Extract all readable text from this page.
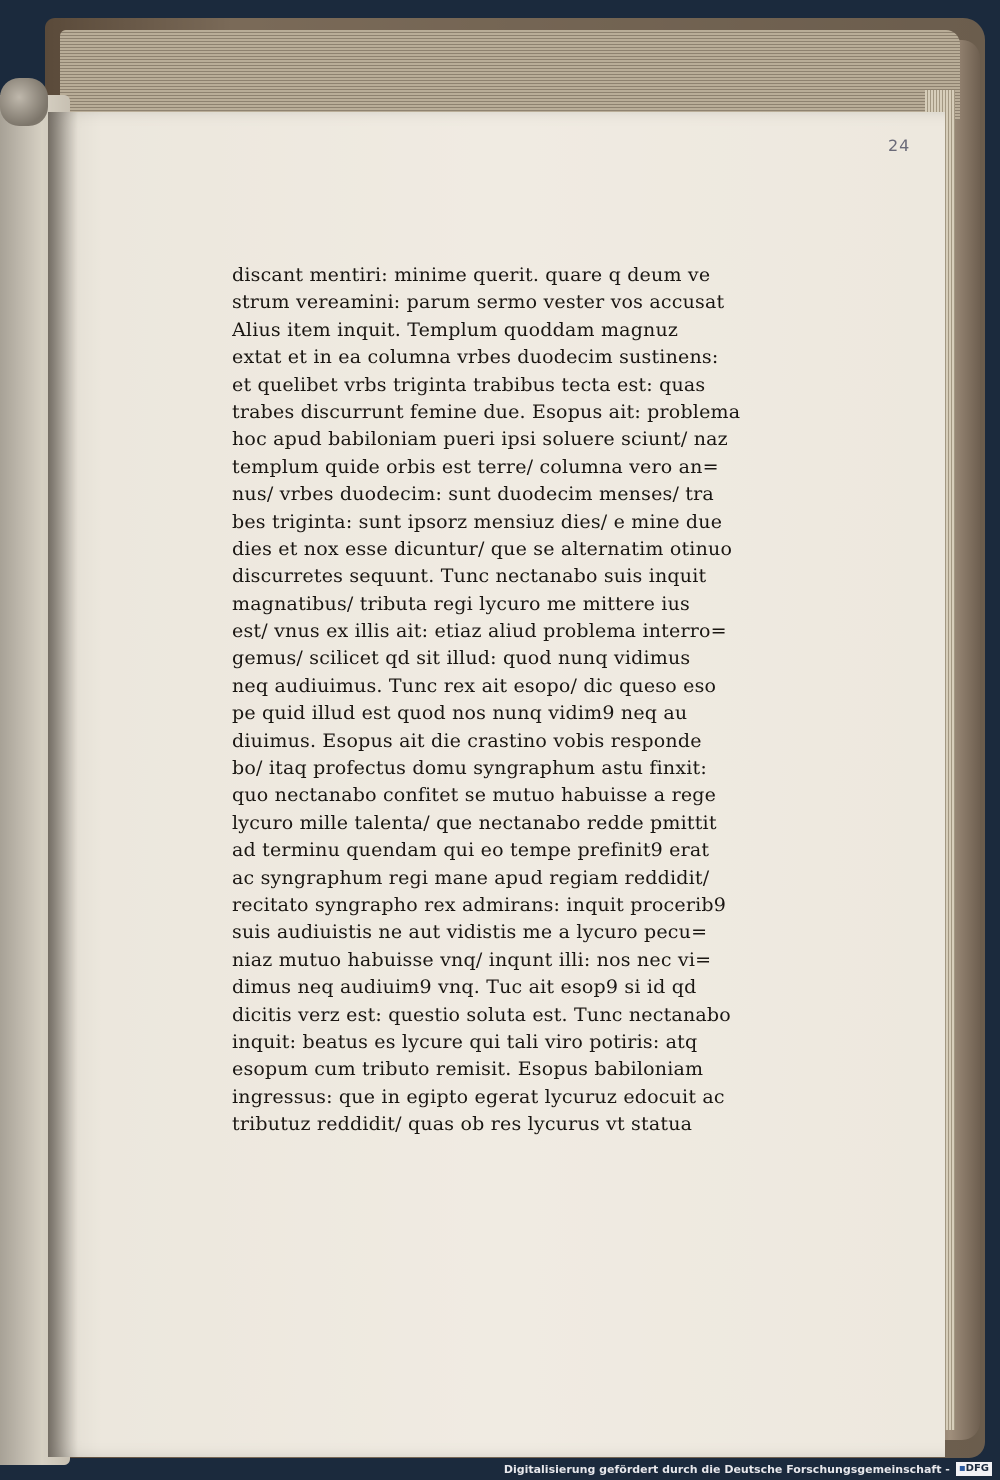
24
discant mentiri: minime querit. quare q deum ve
strum vereamini: parum sermo vester vos accusat
Alius item inquit. Templum quoddam magnuz
extat et in ea columna vrbes duodecim sustinens:
et quelibet vrbs triginta trabibus tecta est: quas
trabes discurrunt femine due. Esopus ait: problema
hoc apud babiloniam pueri ipsi soluere sciunt/ naz
templum quide orbis est terre/ columna vero an=
nus/ vrbes duodecim: sunt duodecim menses/ tra
bes triginta: sunt ipsorz mensiuz dies/ e mine due
dies et nox esse dicuntur/ que se alternatim otinuo
discurretes sequunt. Tunc nectanabo suis inquit
magnatibus/ tributa regi lycuro me mittere ius
est/ vnus ex illis ait: etiaz aliud problema interro=
gemus/ scilicet qd sit illud: quod nunq vidimus
neq audiuimus. Tunc rex ait esopo/ dic queso eso
pe quid illud est quod nos nunq vidim9 neq au
diuimus. Esopus ait die crastino vobis responde
bo/ itaq profectus domu syngraphum astu finxit:
quo nectanabo confitet se mutuo habuisse a rege
lycuro mille talenta/ que nectanabo redde pmittit
ad terminu quendam qui eo tempe prefinit9 erat
ac syngraphum regi mane apud regiam reddidit/
recitato syngrapho rex admirans: inquit procerib9
suis audiuistis ne aut vidistis me a lycuro pecu=
niaz mutuo habuisse vnq/ inqunt illi: nos nec vi=
dimus neq audiuim9 vnq. Tuc ait esop9 si id qd
dicitis verz est: questio soluta est. Tunc nectanabo
inquit: beatus es lycure qui tali viro potiris: atq
esopum cum tributo remisit. Esopus babiloniam
ingressus: que in egipto egerat lycuruz edocuit ac
tributuz reddidit/ quas ob res lycurus vt statua
Digitalisierung gefördert durch die Deutsche Forschungsgemeinschaft - ▪DFG
